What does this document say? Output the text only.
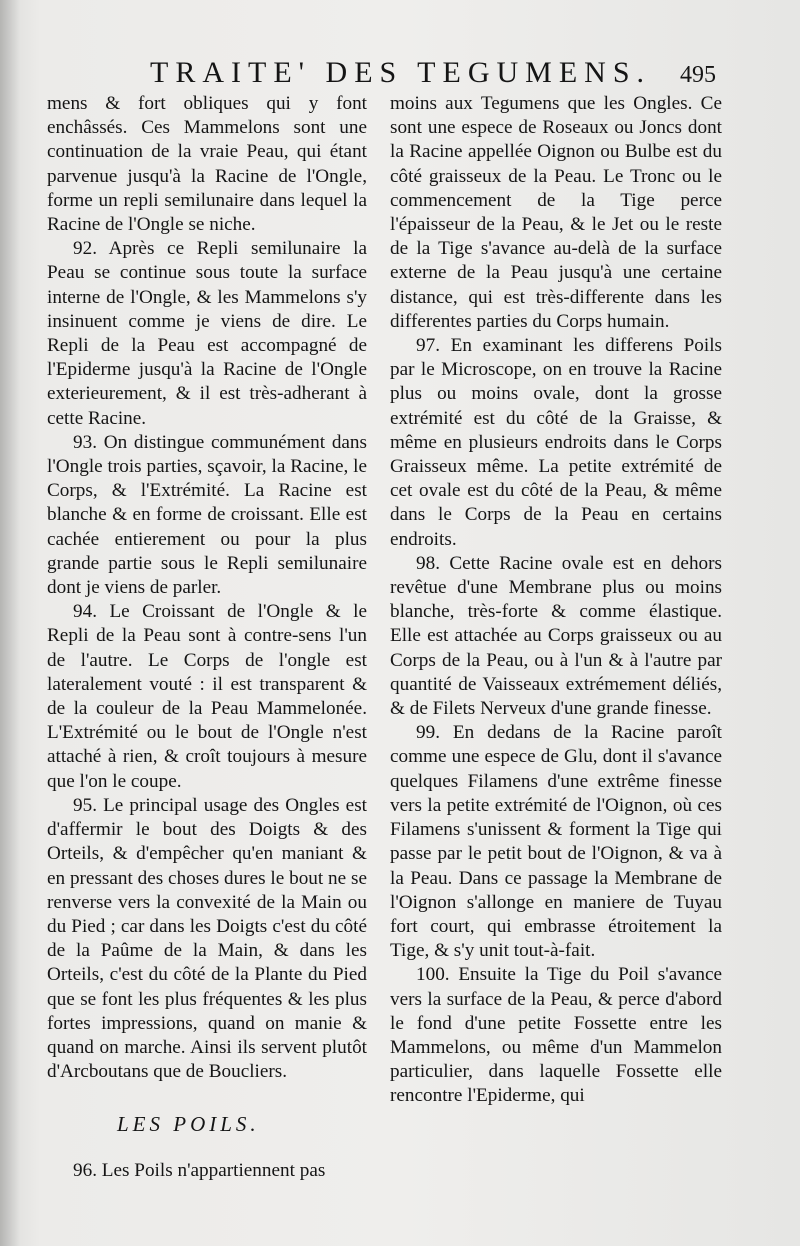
TRAITE' DES TEGUMENS. 495

mens & fort obliques qui y font enchâssés. Ces Mammelons sont une continuation de la vraie Peau, qui étant parvenue jusqu'à la Racine de l'Ongle, forme un repli semilunaire dans lequel la Racine de l'Ongle se niche.

92. Après ce Repli semilunaire la Peau se continue sous toute la surface interne de l'Ongle, & les Mammelons s'y insinuent comme je viens de dire. Le Repli de la Peau est accompagné de l'Epiderme jusqu'à la Racine de l'Ongle exterieurement, & il est très-adherant à cette Racine.

93. On distingue communément dans l'Ongle trois parties, sçavoir, la Racine, le Corps, & l'Extrémité. La Racine est blanche & en forme de croissant. Elle est cachée entierement ou pour la plus grande partie sous le Repli semilunaire dont je viens de parler.

94. Le Croissant de l'Ongle & le Repli de la Peau sont à contre-sens l'un de l'autre. Le Corps de l'ongle est lateralement vouté : il est transparent & de la couleur de la Peau Mammelonée. L'Extrémité ou le bout de l'Ongle n'est attaché à rien, & croît toujours à mesure que l'on le coupe.

95. Le principal usage des Ongles est d'affermir le bout des Doigts & des Orteils, & d'empêcher qu'en maniant & en pressant des choses dures le bout ne se renverse vers la convexité de la Main ou du Pied ; car dans les Doigts c'est du côté de la Paûme de la Main, & dans les Orteils, c'est du côté de la Plante du Pied que se font les plus fréquentes & les plus fortes impressions, quand on manie & quand on marche. Ainsi ils servent plutôt d'Arcboutans que de Boucliers.

LES POILS.

96. Les Poils n'appartiennent pas

moins aux Tegumens que les Ongles. Ce sont une espece de Roseaux ou Joncs dont la Racine appellée Oignon ou Bulbe est du côté graisseux de la Peau. Le Tronc ou le commencement de la Tige perce l'épaisseur de la Peau, & le Jet ou le reste de la Tige s'avance au-delà de la surface externe de la Peau jusqu'à une certaine distance, qui est très-differente dans les differentes parties du Corps humain.

97. En examinant les differens Poils par le Microscope, on en trouve la Racine plus ou moins ovale, dont la grosse extrémité est du côté de la Graisse, & même en plusieurs endroits dans le Corps Graisseux même. La petite extrémité de cet ovale est du côté de la Peau, & même dans le Corps de la Peau en certains endroits.

98. Cette Racine ovale est en dehors revêtue d'une Membrane plus ou moins blanche, très-forte & comme élastique. Elle est attachée au Corps graisseux ou au Corps de la Peau, ou à l'un & à l'autre par quantité de Vaisseaux extrémement déliés, & de Filets Nerveux d'une grande finesse.

99. En dedans de la Racine paroît comme une espece de Glu, dont il s'avance quelques Filamens d'une extrême finesse vers la petite extrémité de l'Oignon, où ces Filamens s'unissent & forment la Tige qui passe par le petit bout de l'Oignon, & va à la Peau. Dans ce passage la Membrane de l'Oignon s'allonge en maniere de Tuyau fort court, qui embrasse étroitement la Tige, & s'y unit tout-à-fait.

100. Ensuite la Tige du Poil s'avance vers la surface de la Peau, & perce d'abord le fond d'une petite Fossette entre les Mammelons, ou même d'un Mammelon particulier, dans laquelle Fossette elle rencontre l'Epiderme, qui
